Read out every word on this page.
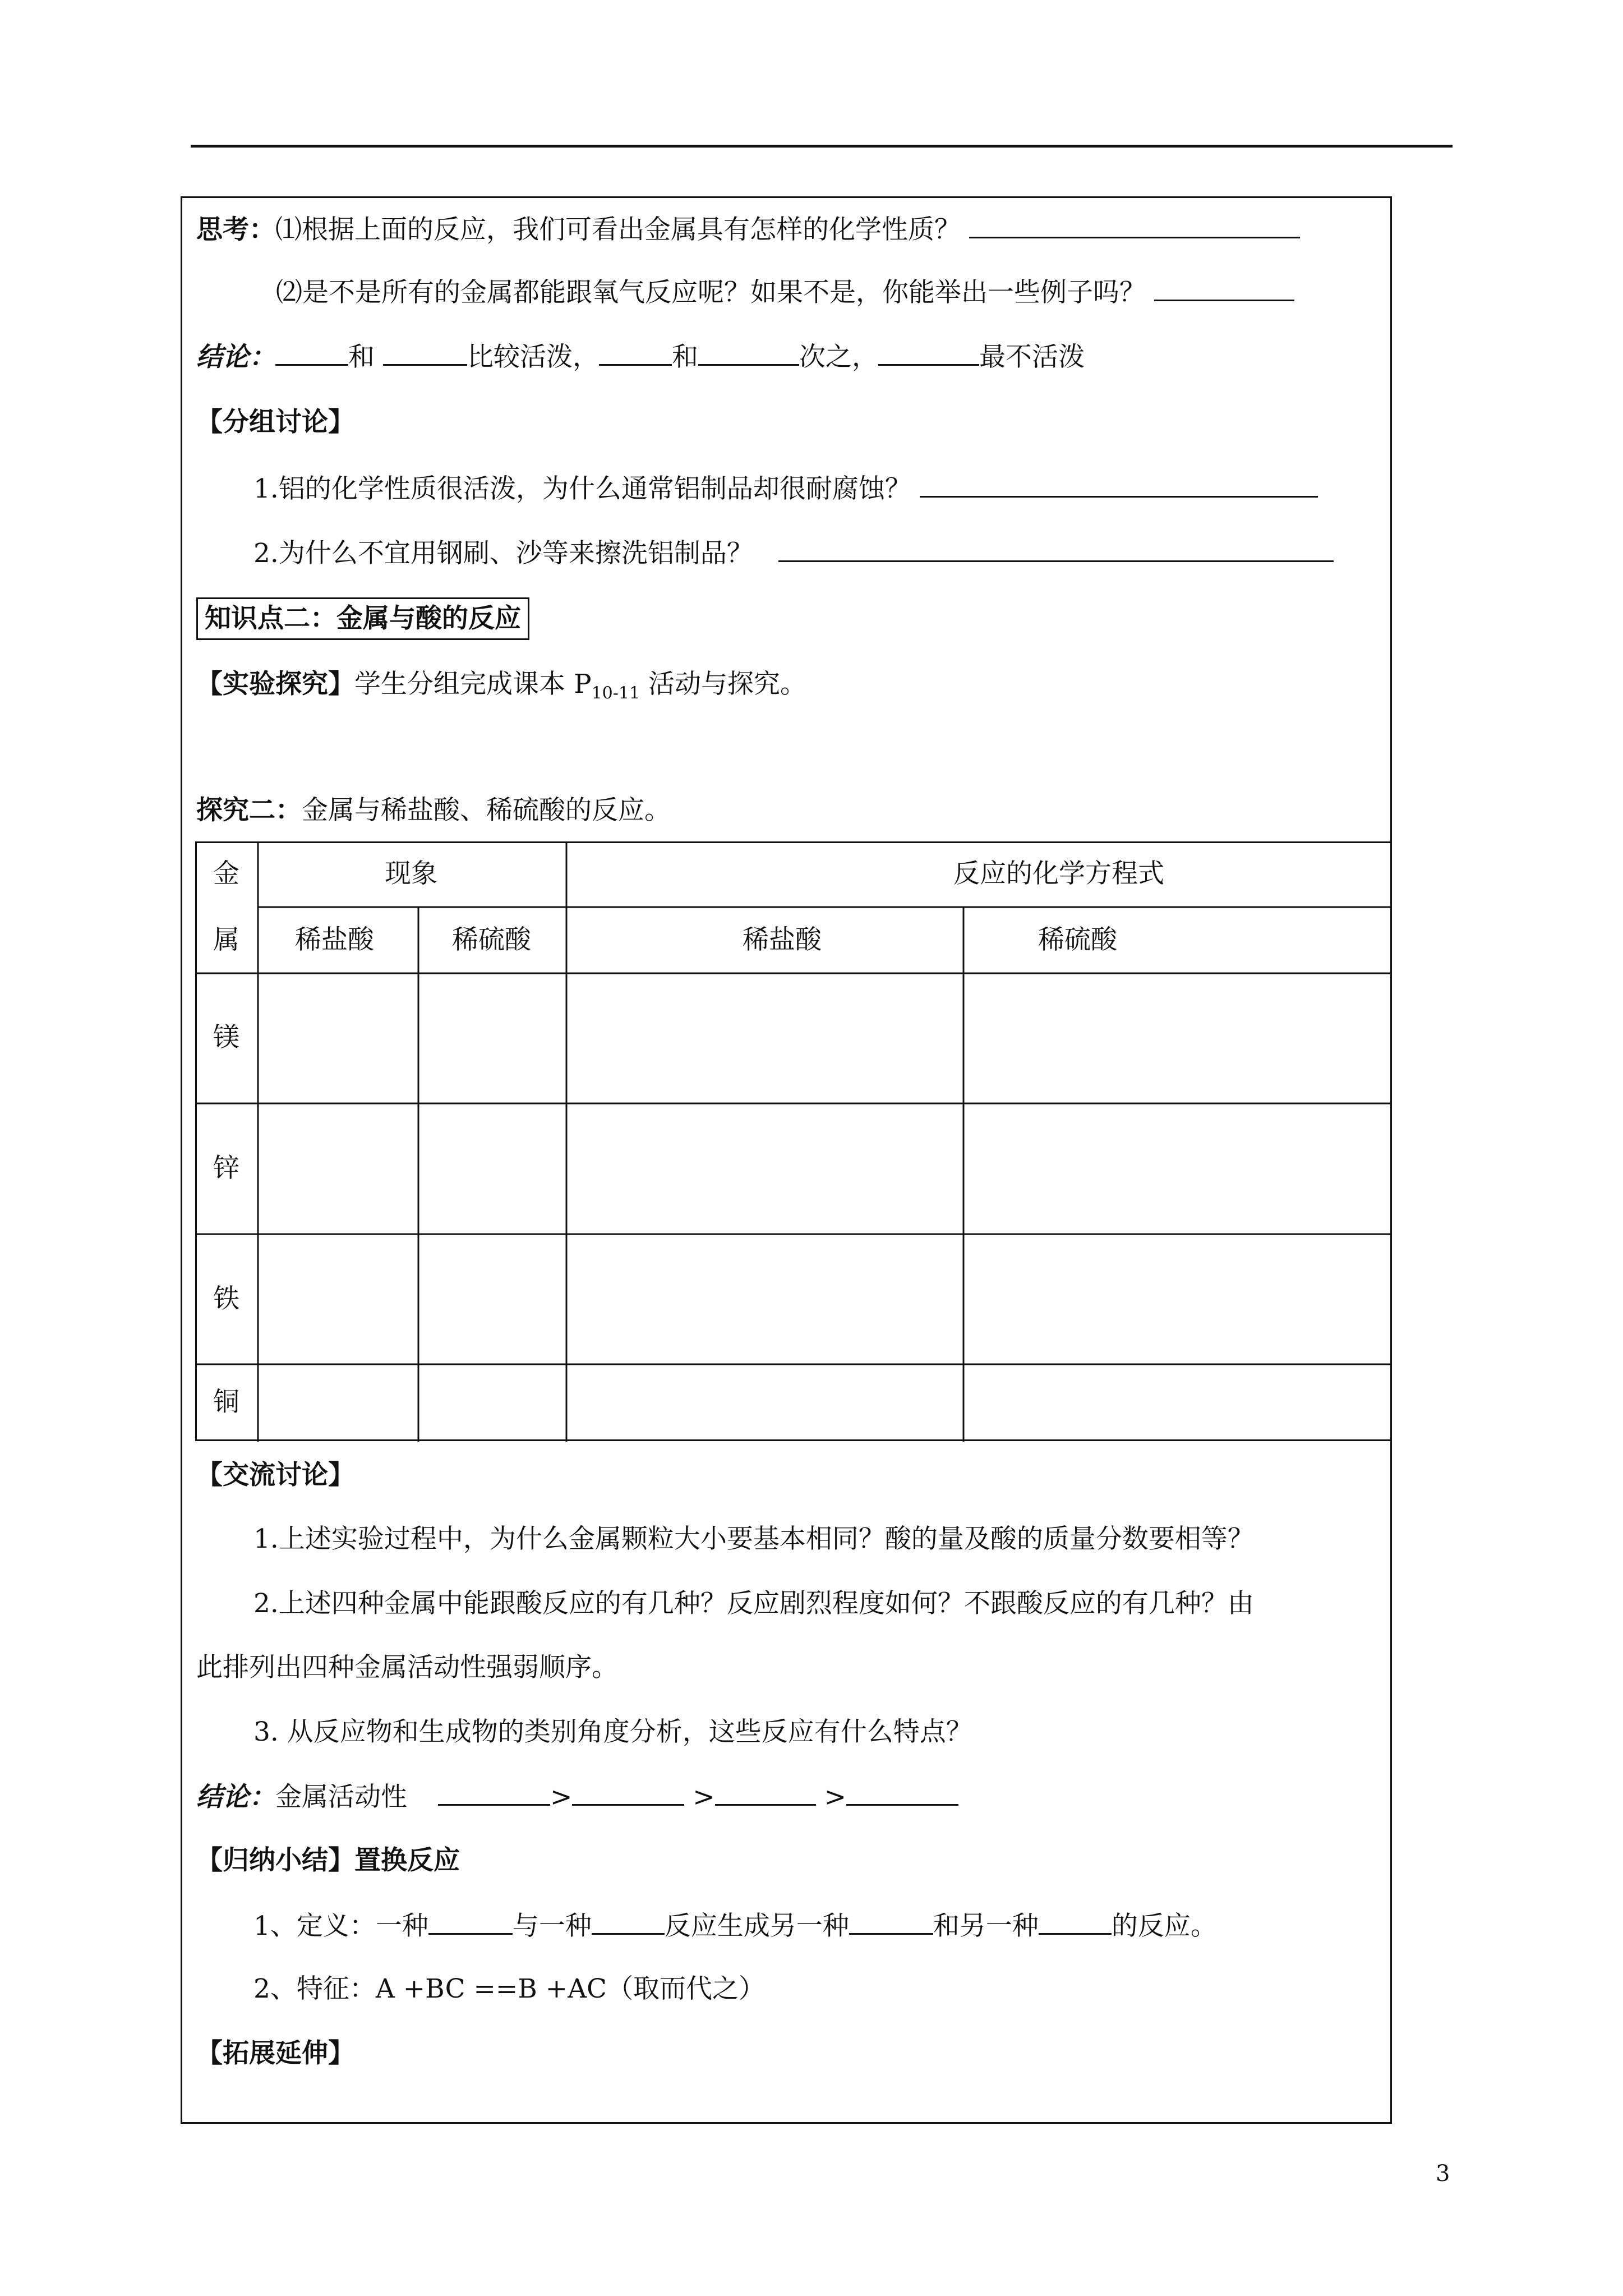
思考：⑴根据上面的反应，我们可看出金属具有怎样的化学性质？
⑵是不是所有的金属都能跟氧气反应呢？如果不是，你能举出一些例子吗？
结论：	和	比较活泼，	和	次之，	最不活泼
【分组讨论】
1.铝的化学性质很活泼，为什么通常铝制品却很耐腐蚀？
2.为什么不宜用钢刷、沙等来擦洗铝制品？
知识点二：金属与酸的反应
【实验探究】学生分组完成课本 $P_{10-11}$ 活动与探究。
探究二：金属与稀盐酸、稀硫酸的反应。
金
属
现象	反应的化学方程式
稀盐酸	稀硫酸	稀盐酸	稀硫酸
镁
锌
铁
铜
【交流讨论】
1.上述实验过程中，为什么金属颗粒大小要基本相同？酸的量及酸的质量分数要相等？
2.上述四种金属中能跟酸反应的有几种？反应剧烈程度如何？不跟酸反应的有几种？由
此排列出四种金属活动性强弱顺序。
3. 从反应物和生成物的类别角度分析，这些反应有什么特点？
结论：金属活动性	>	>	>
【归纳小结】置换反应
1、定义：一种	与一种	反应生成另一种	和另一种	的反应。
2、特征：A +BC ==B +AC（取而代之）
【拓展延伸】
3
